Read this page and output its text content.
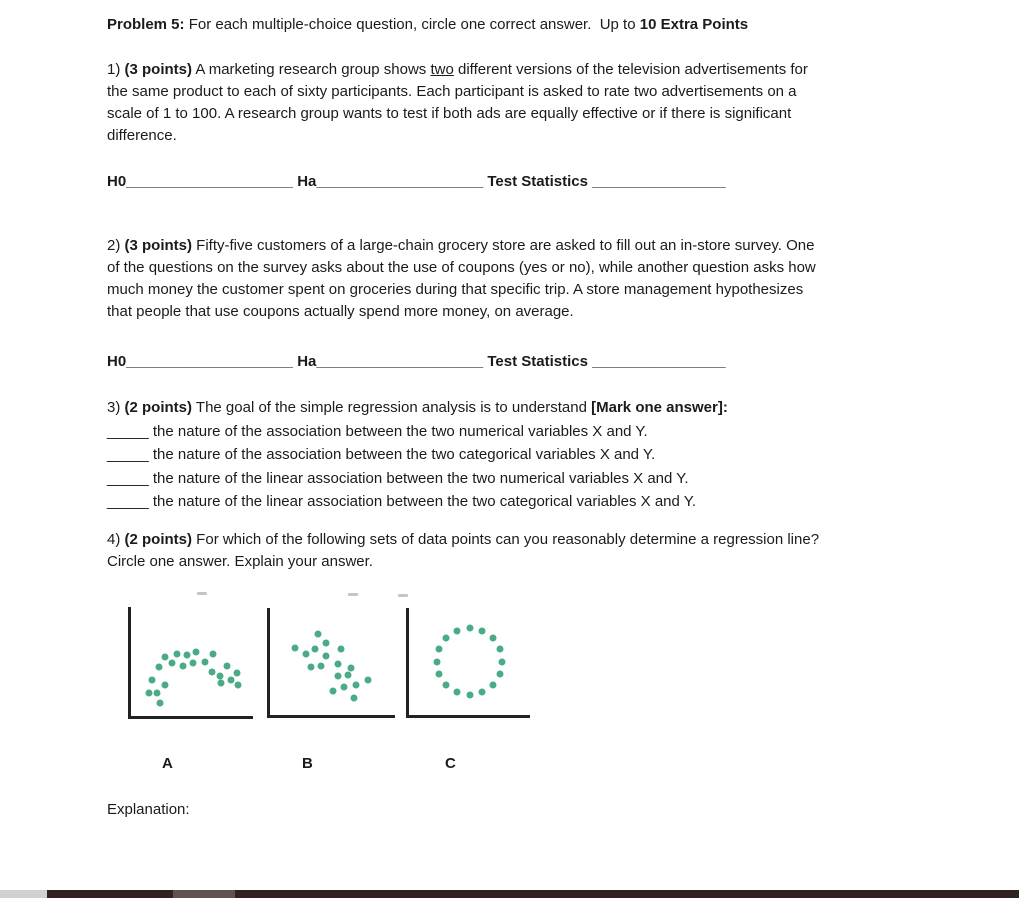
Problem 5: For each multiple-choice question, circle one correct answer.  Up to 10 Extra Points
1) (3 points) A marketing research group shows two different versions of the television advertisements for
the same product to each of sixty participants. Each participant is asked to rate two advertisements on a
scale of 1 to 100. A research group wants to test if both ads are equally effective or if there is significant
difference.
H0____________________ Ha____________________ Test Statistics ________________
2) (3 points) Fifty-five customers of a large-chain grocery store are asked to fill out an in-store survey. One
of the questions on the survey asks about the use of coupons (yes or no), while another question asks how
much money the customer spent on groceries during that specific trip. A store management hypothesizes
that people that use coupons actually spend more money, on average.
H0____________________ Ha____________________ Test Statistics ________________
3) (2 points) The goal of the simple regression analysis is to understand [Mark one answer]:
_____ the nature of the association between the two numerical variables X and Y.
_____ the nature of the association between the two categorical variables X and Y.
_____ the nature of the linear association between the two numerical variables X and Y.
_____ the nature of the linear association between the two categorical variables X and Y.
4) (2 points) For which of the following sets of data points can you reasonably determine a regression line?
Circle one answer. Explain your answer.
A	B	C
Explanation:
